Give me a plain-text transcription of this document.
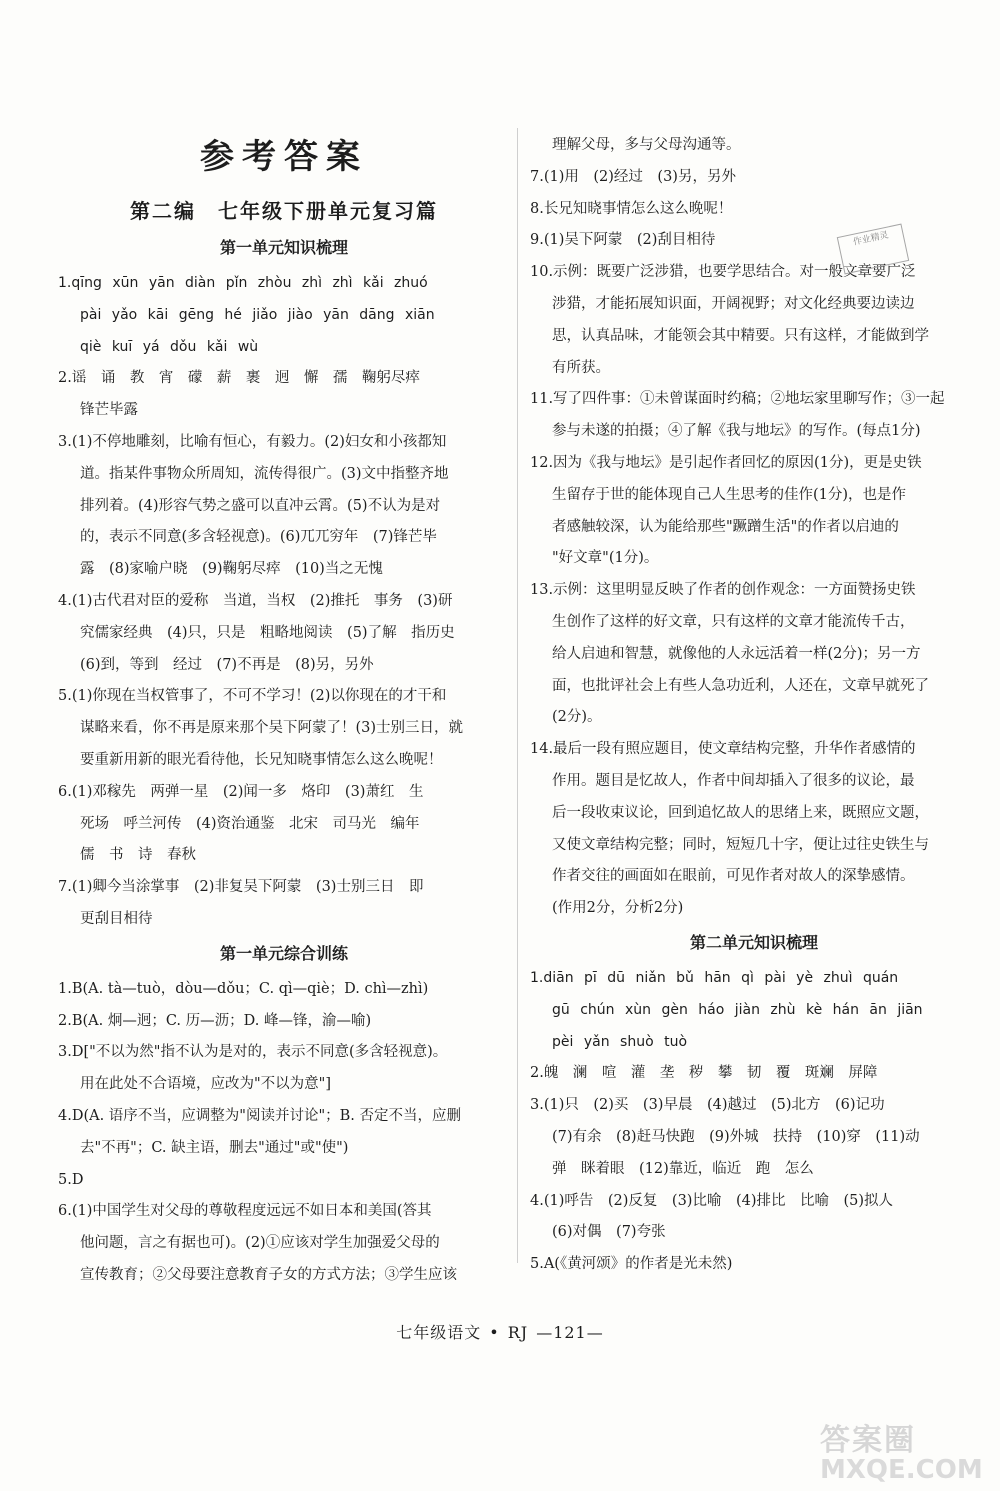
参考答案
第二编　七年级下册单元复习篇
第一单元知识梳理
1.qīng xūn yān diàn pǐn zhòu zhì zhì kǎi zhuó
pài yǎo kāi gēng hé jiǎo jiào yān dāng xiān
qiè kuī yá dǒu kǎi wù
2.谣　诵　教　宵　礞　薪　裹　迥　懈　孺　鞠躬尽瘁
锋芒毕露
3.(1)不停地雕刻，比喻有恒心，有毅力。(2)妇女和小孩都知
道。指某件事物众所周知，流传得很广。(3)文中指整齐地
排列着。(4)形容气势之盛可以直冲云霄。(5)不认为是对
的，表示不同意(多含轻视意)。(6)兀兀穷年　(7)锋芒毕
露　(8)家喻户晓　(9)鞠躬尽瘁　(10)当之无愧
4.(1)古代君对臣的爱称　当道，当权　(2)推托　事务　(3)研
究儒家经典　(4)只，只是　粗略地阅读　(5)了解　指历史
(6)到，等到　经过　(7)不再是　(8)另，另外
5.(1)你现在当权管事了，不可不学习！(2)以你现在的才干和
谋略来看，你不再是原来那个吴下阿蒙了！(3)士别三日，就
要重新用新的眼光看待他，长兄知晓事情怎么这么晚呢！
6.(1)邓稼先　两弹一星　(2)闻一多　烙印　(3)萧红　生
死场　呼兰河传　(4)资治通鉴　北宋　司马光　编年
儒　书　诗　春秋
7.(1)卿今当涂掌事　(2)非复吴下阿蒙　(3)士别三日　即
更刮目相待
第一单元综合训练
1.B(A. tà—tuò，dòu—dǒu；C. qì—qiè；D. chì—zhì)
2.B(A. 炯—迥；C. 历—沥；D. 峰—锋，渝—喻)
3.D["不以为然"指不认为是对的，表示不同意(多含轻视意)。
用在此处不合语境，应改为"不以为意"]
4.D(A. 语序不当，应调整为"阅读并讨论"；B. 否定不当，应删
去"不再"；C. 缺主语，删去"通过"或"使")
5.D
6.(1)中国学生对父母的尊敬程度远远不如日本和美国(答其
他问题，言之有据也可)。(2)①应该对学生加强爱父母的
宣传教育；②父母要注意教育子女的方式方法；③学生应该
理解父母，多与父母沟通等。
7.(1)用　(2)经过　(3)另，另外
8.长兄知晓事情怎么这么晚呢！
9.(1)吴下阿蒙　(2)刮目相待
10.示例：既要广泛涉猎，也要学思结合。对一般文章要广泛
涉猎，才能拓展知识面，开阔视野；对文化经典要边读边
思，认真品味，才能领会其中精要。只有这样，才能做到学
有所获。
11.写了四件事：①未曾谋面时约稿；②地坛家里聊写作；③一起
参与未遂的拍摄；④了解《我与地坛》的写作。(每点1分)
12.因为《我与地坛》是引起作者回忆的原因(1分)，更是史铁
生留存于世的能体现自己人生思考的佳作(1分)，也是作
者感触较深，认为能给那些"蹶蹭生活"的作者以启迪的
"好文章"(1分)。
13.示例：这里明显反映了作者的创作观念：一方面赞扬史铁
生创作了这样的好文章，只有这样的文章才能流传千古，
给人启迪和智慧，就像他的人永远活着一样(2分)；另一方
面，也批评社会上有些人急功近利，人还在，文章早就死了
(2分)。
14.最后一段有照应题目，使文章结构完整，升华作者感情的
作用。题目是忆故人，作者中间却插入了很多的议论，最
后一段收束议论，回到追忆故人的思绪上来，既照应文题，
又使文章结构完整；同时，短短几十字，便让过往史铁生与
作者交往的画面如在眼前，可见作者对故人的深挚感情。
(作用2分，分析2分)
第二单元知识梳理
1.diān pī dū niǎn bǔ hān qì pài yè zhuì quán
gū chún xùn gèn háo jiàn zhù kè hán ān jiān
pèi yǎn shuò tuò
2.魄　澜　喧　灌　垄　秽　攀　韧　覆　斑斓　屏障
3.(1)只　(2)买　(3)早晨　(4)越过　(5)北方　(6)记功
(7)有余　(8)赶马快跑　(9)外城　扶持　(10)穿　(11)动
弹　眯着眼　(12)靠近，临近　跑　怎么
4.(1)呼告　(2)反复　(3)比喻　(4)排比　比喻　(5)拟人
(6)对偶　(7)夸张
5.A(《黄河颂》的作者是光未然)
作业精灵
七年级语文 • RJ —121—
答案圈
MXQE.COM
